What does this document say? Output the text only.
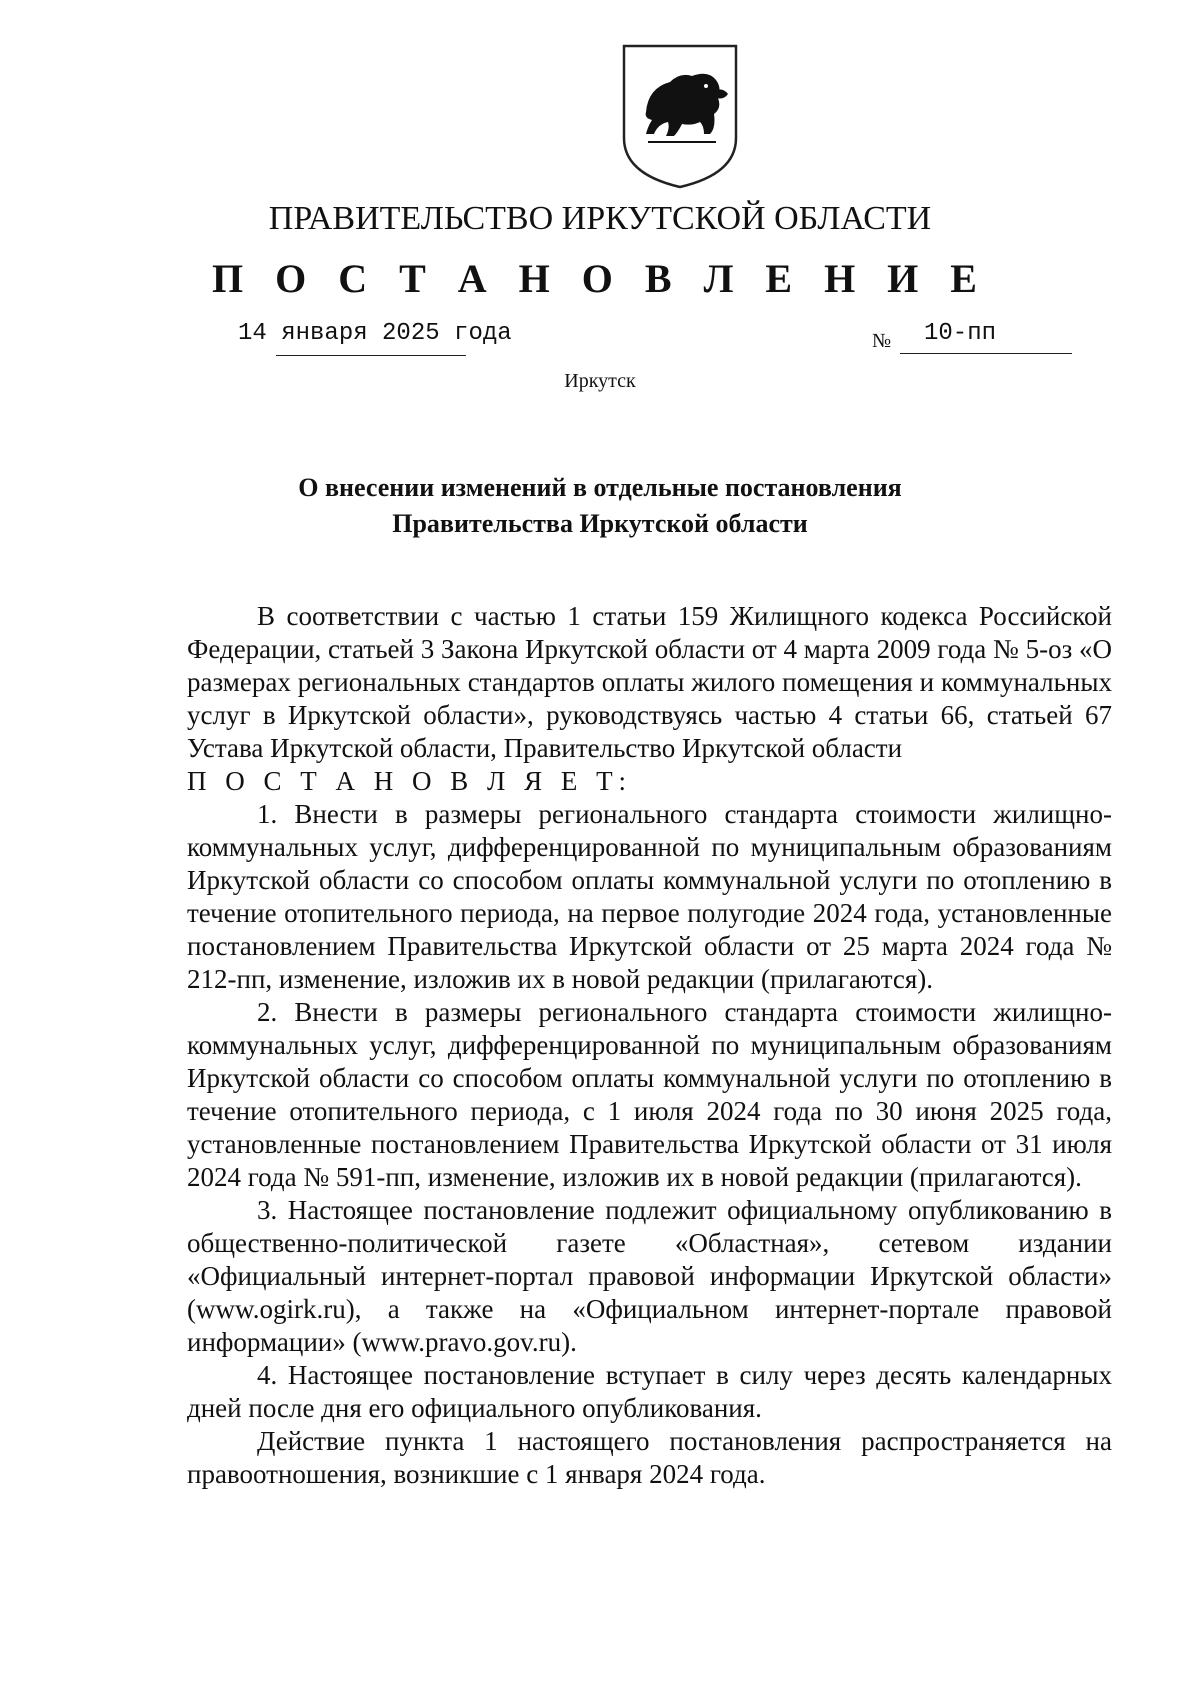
ПРАВИТЕЛЬСТВО ИРКУТСКОЙ ОБЛАСТИ
П О С Т А Н О В Л Е Н И Е
14 января 2025 года	№ 10-пп
Иркутск
О внесении изменений в отдельные постановления
Правительства Иркутской области

В соответствии с частью 1 статьи 159 Жилищного кодекса Российской Федерации, статьей 3 Закона Иркутской области от 4 марта 2009 года № 5-оз «О размерах региональных стандартов оплаты жилого помещения и коммунальных услуг в Иркутской области», руководствуясь частью 4 статьи 66, статьей 67 Устава Иркутской области, Правительство Иркутской области
П О С Т А Н О В Л Я Е Т:

1. Внести в размеры регионального стандарта стоимости жилищно-коммунальных услуг, дифференцированной по муниципальным образованиям Иркутской области со способом оплаты коммунальной услуги по отоплению в течение отопительного периода, на первое полугодие 2024 года, установленные постановлением Правительства Иркутской области от 25 марта 2024 года № 212-пп, изменение, изложив их в новой редакции (прилагаются).

2. Внести в размеры регионального стандарта стоимости жилищно-коммунальных услуг, дифференцированной по муниципальным образованиям Иркутской области со способом оплаты коммунальной услуги по отоплению в течение отопительного периода, с 1 июля 2024 года по 30 июня 2025 года, установленные постановлением Правительства Иркутской области от 31 июля 2024 года № 591-пп, изменение, изложив их в новой редакции (прилагаются).

3. Настоящее постановление подлежит официальному опубликованию в общественно-политической газете «Областная», сетевом издании «Официальный интернет-портал правовой информации Иркутской области» (www.ogirk.ru), а также на «Официальном интернет-портале правовой информации» (www.pravo.gov.ru).

4. Настоящее постановление вступает в силу через десять календарных дней после дня его официального опубликования.

Действие пункта 1 настоящего постановления распространяется на правоотношения, возникшие с 1 января 2024 года.
